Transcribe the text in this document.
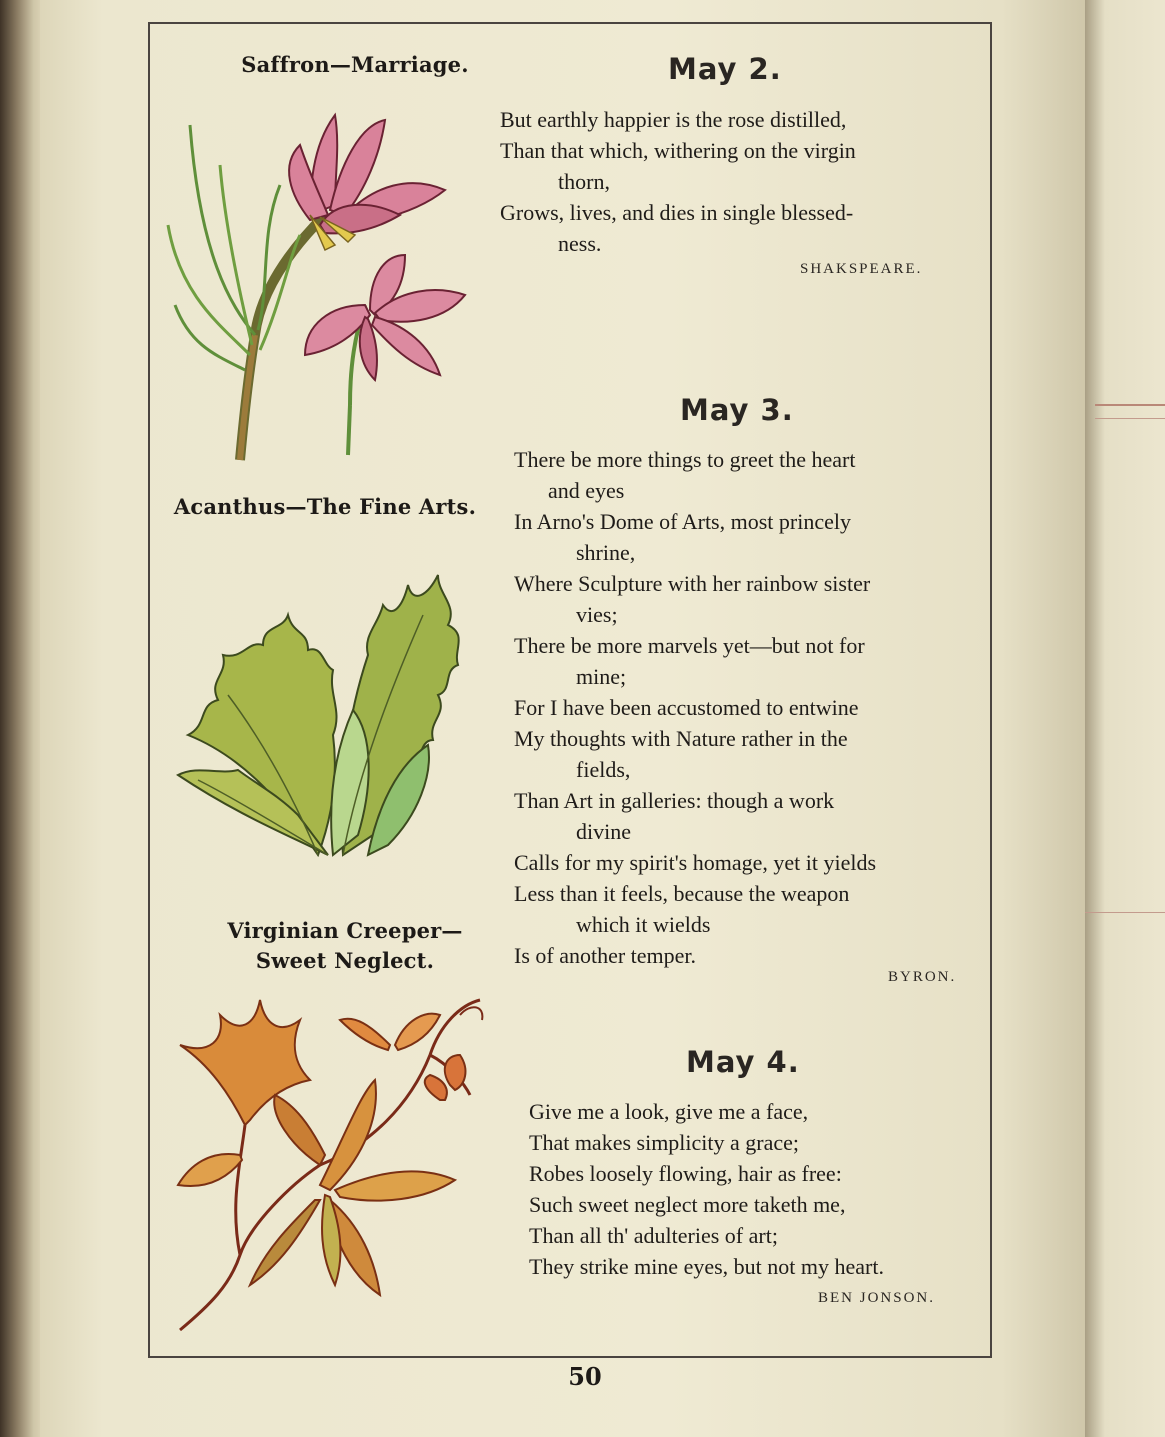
Saffron—Marriage.
Acanthus—The Fine Arts.
Virginian Creeper—
Sweet Neglect.
May 2.
But earthly happier is the rose distilled,
Than that which, withering on the virgin
thorn,
Grows, lives, and dies in single blessed-
ness.
SHAKSPEARE.
May 3.
There be more things to greet the heart
and eyes
In Arno's Dome of Arts, most princely
shrine,
Where Sculpture with her rainbow sister
vies;
There be more marvels yet—but not for
mine;
For I have been accustomed to entwine
My thoughts with Nature rather in the
fields,
Than Art in galleries: though a work
divine
Calls for my spirit's homage, yet it yields
Less than it feels, because the weapon
which it wields
Is of another temper.
BYRON.
May 4.
Give me a look, give me a face,
That makes simplicity a grace;
Robes loosely flowing, hair as free:
Such sweet neglect more taketh me,
Than all th' adulteries of art;
They strike mine eyes, but not my heart.
BEN JONSON.
50
